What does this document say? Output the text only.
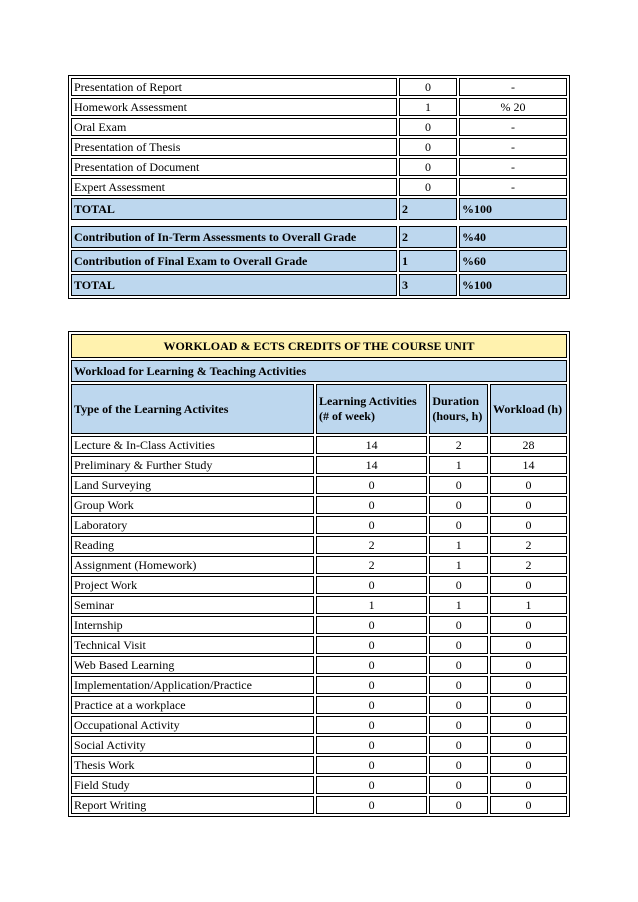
Presentation of Report	0	-
Homework Assessment	1	% 20
Oral Exam	0	-
Presentation of Thesis	0	-
Presentation of Document	0	-
Expert Assessment	0	-
TOTAL	2	%100

Contribution of In-Term Assessments to Overall Grade	2	%40
Contribution of Final Exam to Overall Grade	1	%60
TOTAL	3	%100
WORKLOAD & ECTS CREDITS OF THE COURSE UNIT			
Workload for Learning & Teaching Activities			
Type of the Learning Activites	Learning Activities (# of week)	Duration (hours, h)	Workload (h)
Lecture & In-Class Activities	14	2	28
Preliminary & Further Study	14	1	14
Land Surveying	0	0	0
Group Work	0	0	0
Laboratory	0	0	0
Reading	2	1	2
Assignment (Homework)	2	1	2
Project Work	0	0	0
Seminar	1	1	1
Internship	0	0	0
Technical Visit	0	0	0
Web Based Learning	0	0	0
Implementation/Application/Practice	0	0	0
Practice at a workplace	0	0	0
Occupational Activity	0	0	0
Social Activity	0	0	0
Thesis Work	0	0	0
Field Study	0	0	0
Report Writing	0	0	0
